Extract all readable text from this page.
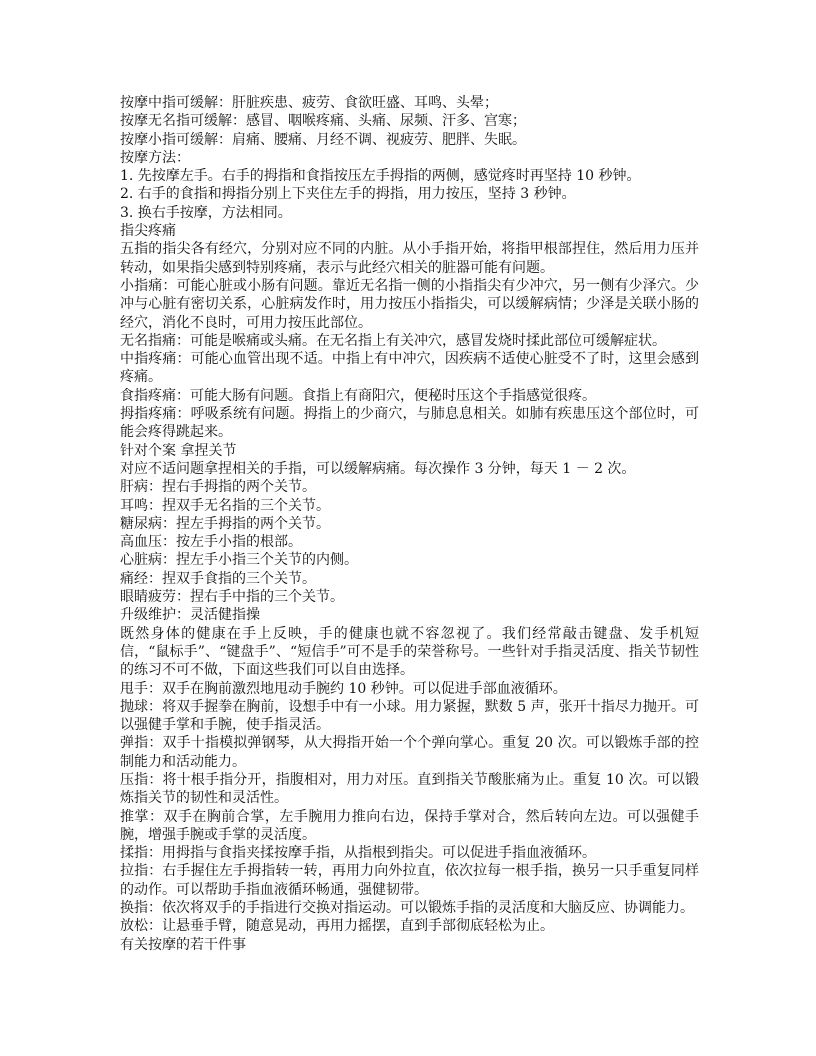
按摩中指可缓解：肝脏疾患、疲劳、食欲旺盛、耳鸣、头晕；

按摩无名指可缓解：感冒、咽喉疼痛、头痛、尿频、汗多、宫寒；

按摩小指可缓解：肩痛、腰痛、月经不调、视疲劳、肥胖、失眠。

按摩方法：

1. 先按摩左手。右手的拇指和食指按压左手拇指的两侧，感觉疼时再坚持 10 秒钟。

2. 右手的食指和拇指分别上下夹住左手的拇指，用力按压，坚持 3 秒钟。

3. 换右手按摩，方法相同。

指尖疼痛

五指的指尖各有经穴，分别对应不同的内脏。从小手指开始，将指甲根部捏住，然后用力压并转动，如果指尖感到特别疼痛，表示与此经穴相关的脏器可能有问题。

小指痛：可能心脏或小肠有问题。靠近无名指一侧的小指指尖有少冲穴，另一侧有少泽穴。少冲与心脏有密切关系，心脏病发作时，用力按压小指指尖，可以缓解病情；少泽是关联小肠的经穴，消化不良时，可用力按压此部位。

无名指痛：可能是喉痛或头痛。在无名指上有关冲穴，感冒发烧时揉此部位可缓解症状。

中指疼痛：可能心血管出现不适。中指上有中冲穴，因疾病不适使心脏受不了时，这里会感到疼痛。

食指疼痛：可能大肠有问题。食指上有商阳穴，便秘时压这个手指感觉很疼。

拇指疼痛：呼吸系统有问题。拇指上的少商穴，与肺息息相关。如肺有疾患压这个部位时，可能会疼得跳起来。

针对个案 拿捏关节

对应不适问题拿捏相关的手指，可以缓解病痛。每次操作 3 分钟，每天 1 － 2 次。

肝病：捏右手拇指的两个关节。

耳鸣：捏双手无名指的三个关节。

糖尿病：捏左手拇指的两个关节。

高血压：按左手小指的根部。

心脏病：捏左手小指三个关节的内侧。

痛经：捏双手食指的三个关节。

眼睛疲劳：捏右手中指的三个关节。

升级维护：灵活健指操

既然身体的健康在手上反映，手的健康也就不容忽视了。我们经常敲击键盘、发手机短信，“鼠标手”、“键盘手”、“短信手”可不是手的荣誉称号。一些针对手指灵活度、指关节韧性的练习不可不做，下面这些我们可以自由选择。

甩手：双手在胸前激烈地甩动手腕约 10 秒钟。可以促进手部血液循环。

抛球：将双手握拳在胸前，设想手中有一小球。用力紧握，默数 5 声，张开十指尽力抛开。可以强健手掌和手腕，使手指灵活。

弹指：双手十指模拟弹钢琴，从大拇指开始一个个弹向掌心。重复 20 次。可以锻炼手部的控制能力和活动能力。

压指：将十根手指分开，指腹相对，用力对压。直到指关节酸胀痛为止。重复 10 次。可以锻炼指关节的韧性和灵活性。

推掌：双手在胸前合掌，左手腕用力推向右边，保持手掌对合，然后转向左边。可以强健手腕，增强手腕或手掌的灵活度。

揉指：用拇指与食指夹揉按摩手指，从指根到指尖。可以促进手指血液循环。

拉指：右手握住左手拇指转一转，再用力向外拉直，依次拉每一根手指，换另一只手重复同样的动作。可以帮助手指血液循环畅通，强健韧带。

换指：依次将双手的手指进行交换对指运动。可以锻炼手指的灵活度和大脑反应、协调能力。

放松：让悬垂手臂，随意晃动，再用力摇摆，直到手部彻底轻松为止。

有关按摩的若干件事
